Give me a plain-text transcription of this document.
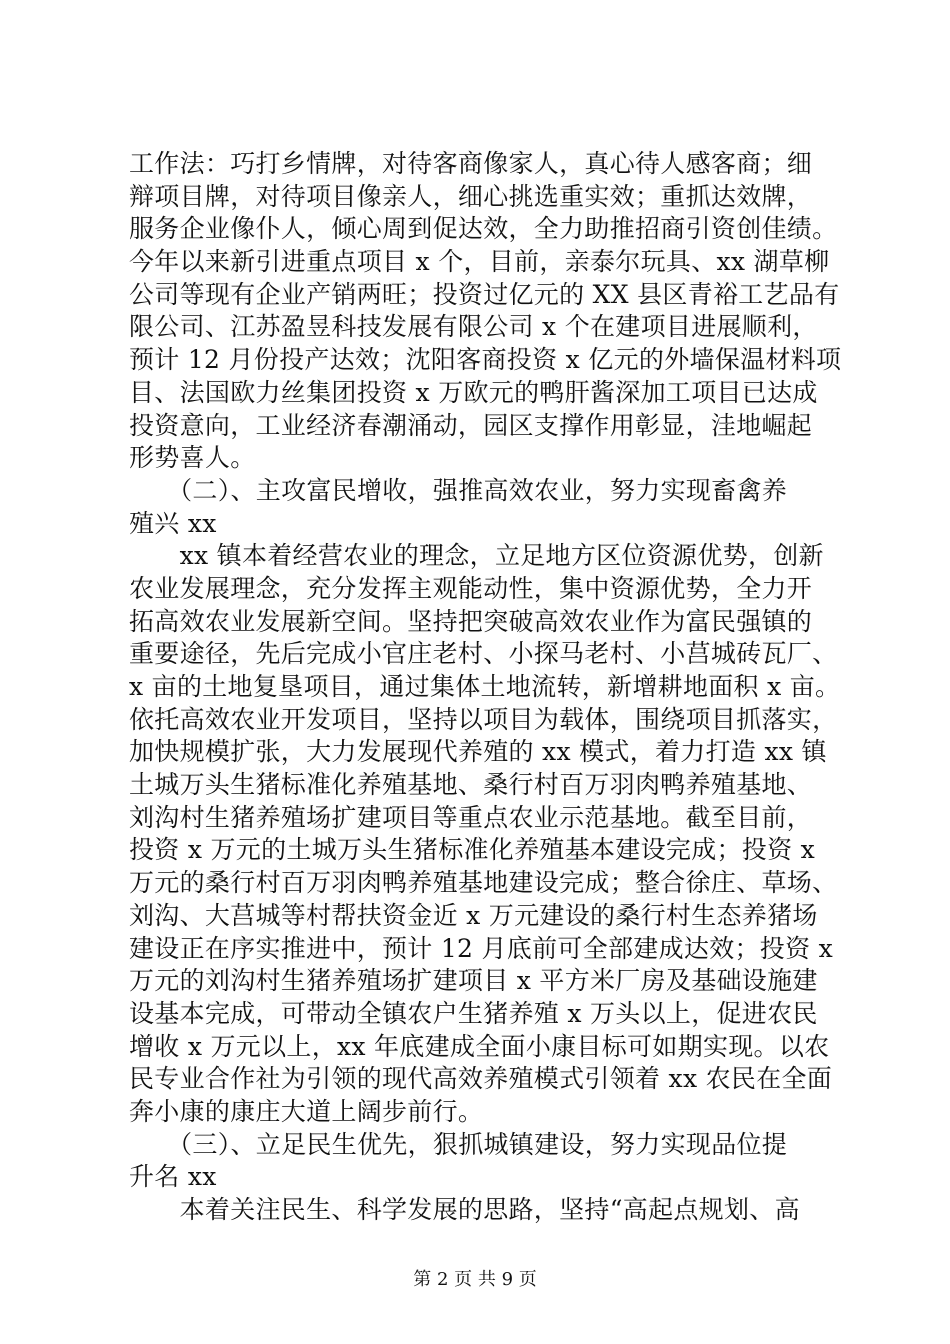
工作法：巧打乡情牌，对待客商像家人，真心待人感客商；细
辩项目牌，对待项目像亲人，细心挑选重实效；重抓达效牌，
服务企业像仆人，倾心周到促达效，全力助推招商引资创佳绩。
今年以来新引进重点项目 x 个，目前，亲泰尔玩具、xx 湖草柳
公司等现有企业产销两旺；投资过亿元的 XX 县区青裕工艺品有
限公司、江苏盈昱科技发展有限公司 x 个在建项目进展顺利，
预计 12 月份投产达效；沈阳客商投资 x 亿元的外墙保温材料项
目、法国欧力丝集团投资 x 万欧元的鸭肝酱深加工项目已达成
投资意向，工业经济春潮涌动，园区支撑作用彰显，洼地崛起
形势喜人。
　　（二）、主攻富民增收，强推高效农业，努力实现畜禽养
殖兴 xx
　　xx 镇本着经营农业的理念，立足地方区位资源优势，创新
农业发展理念，充分发挥主观能动性，集中资源优势，全力开
拓高效农业发展新空间。坚持把突破高效农业作为富民强镇的
重要途径，先后完成小官庄老村、小探马老村、小莒城砖瓦厂、
x 亩的土地复垦项目，通过集体土地流转，新增耕地面积 x 亩。
依托高效农业开发项目，坚持以项目为载体，围绕项目抓落实，
加快规模扩张，大力发展现代养殖的 xx 模式，着力打造 xx 镇
土城万头生猪标准化养殖基地、桑行村百万羽肉鸭养殖基地、
刘沟村生猪养殖场扩建项目等重点农业示范基地。截至目前，
投资 x 万元的土城万头生猪标准化养殖基本建设完成；投资 x
万元的桑行村百万羽肉鸭养殖基地建设完成；整合徐庄、草场、
刘沟、大莒城等村帮扶资金近 x 万元建设的桑行村生态养猪场
建设正在序实推进中，预计 12 月底前可全部建成达效；投资 x
万元的刘沟村生猪养殖场扩建项目 x 平方米厂房及基础设施建
设基本完成，可带动全镇农户生猪养殖 x 万头以上，促进农民
增收 x 万元以上，xx 年底建成全面小康目标可如期实现。以农
民专业合作社为引领的现代高效养殖模式引领着 xx 农民在全面
奔小康的康庄大道上阔步前行。
　　（三）、立足民生优先，狠抓城镇建设，努力实现品位提
升名 xx
　　本着关注民生、科学发展的思路，坚持“高起点规划、高
第 2 页 共 9 页
